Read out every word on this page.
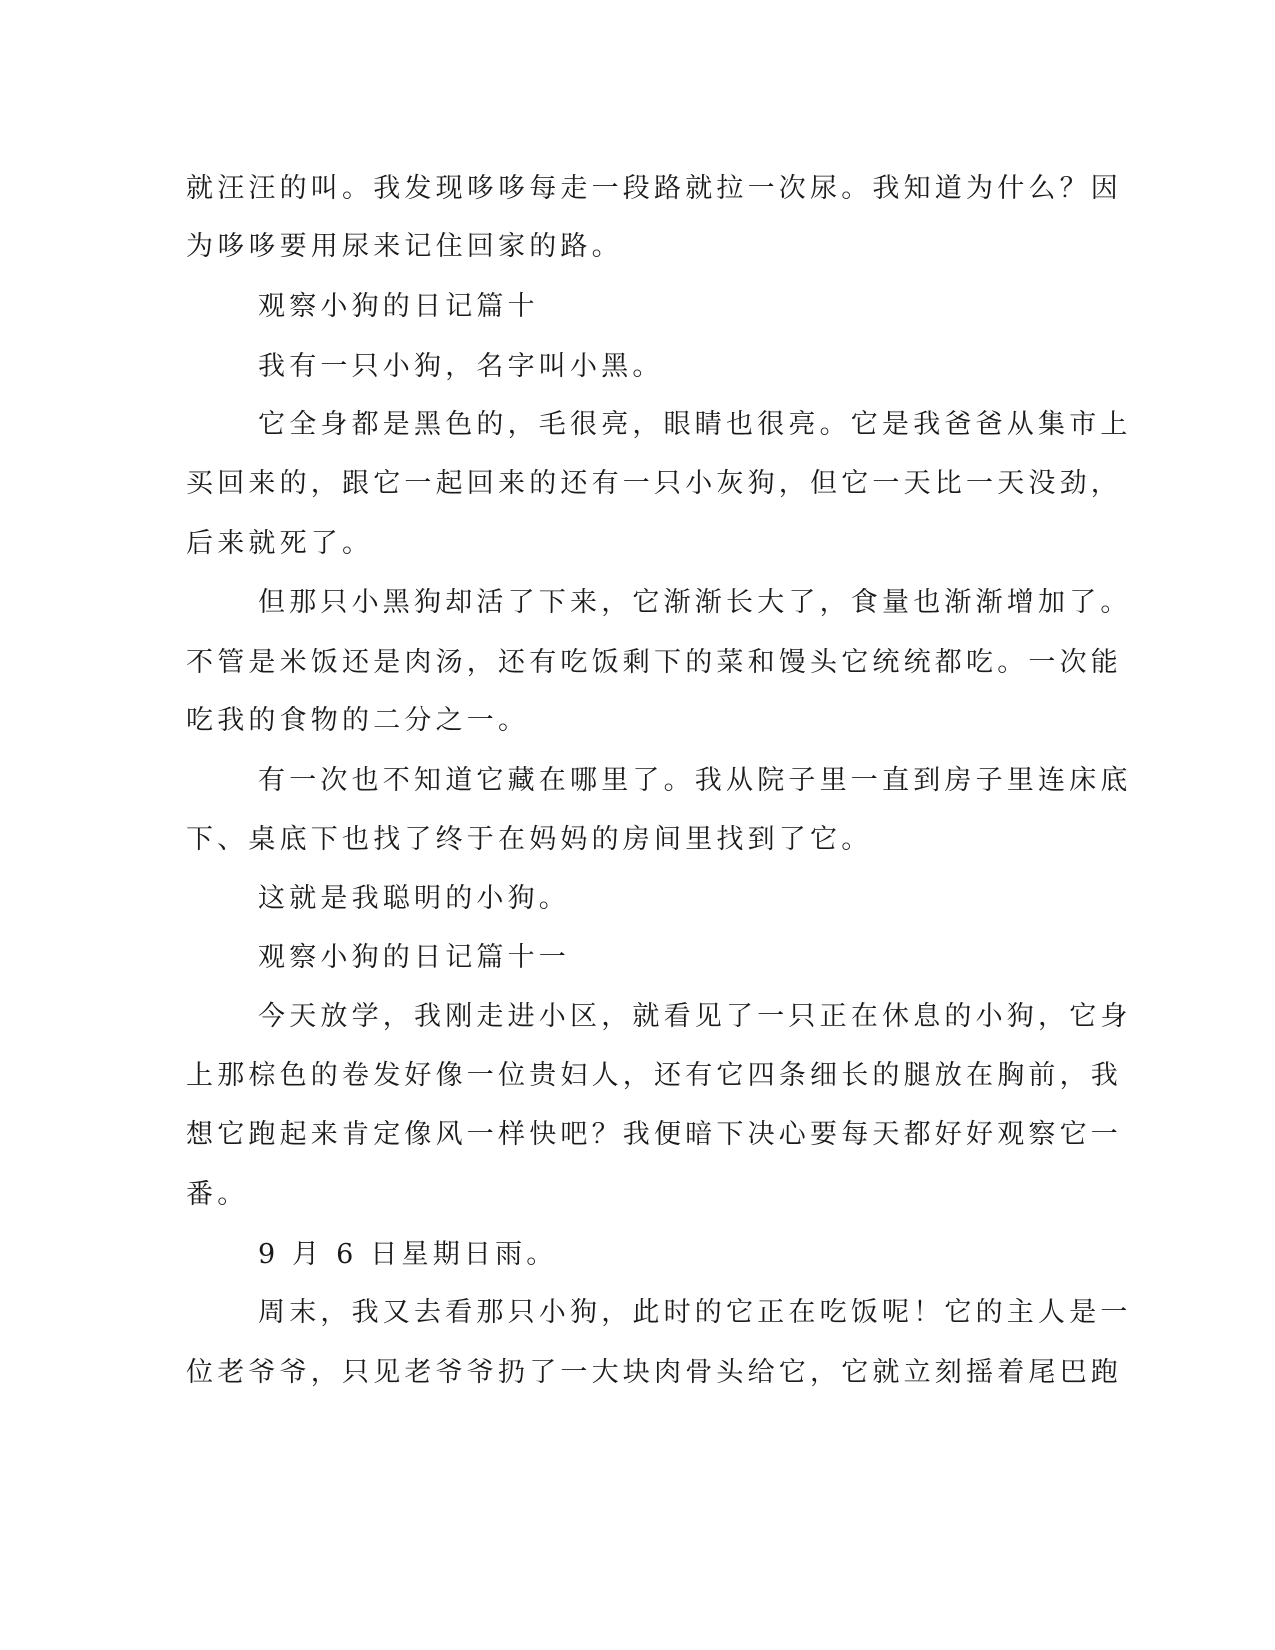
就汪汪的叫。我发现哆哆每走一段路就拉一次尿。我知道为什么？因
为哆哆要用尿来记住回家的路。
观察小狗的日记篇十
我有一只小狗，名字叫小黑。
它全身都是黑色的，毛很亮，眼睛也很亮。它是我爸爸从集市上
买回来的，跟它一起回来的还有一只小灰狗，但它一天比一天没劲，
后来就死了。
但那只小黑狗却活了下来，它渐渐长大了，食量也渐渐增加了。
不管是米饭还是肉汤，还有吃饭剩下的菜和馒头它统统都吃。一次能
吃我的食物的二分之一。
有一次也不知道它藏在哪里了。我从院子里一直到房子里连床底
下、桌底下也找了终于在妈妈的房间里找到了它。
这就是我聪明的小狗。
观察小狗的日记篇十一
今天放学，我刚走进小区，就看见了一只正在休息的小狗，它身
上那棕色的卷发好像一位贵妇人，还有它四条细长的腿放在胸前，我
想它跑起来肯定像风一样快吧？我便暗下决心要每天都好好观察它一
番。
9 月 6 日星期日雨。
周末，我又去看那只小狗，此时的它正在吃饭呢！它的主人是一
位老爷爷，只见老爷爷扔了一大块肉骨头给它，它就立刻摇着尾巴跑
